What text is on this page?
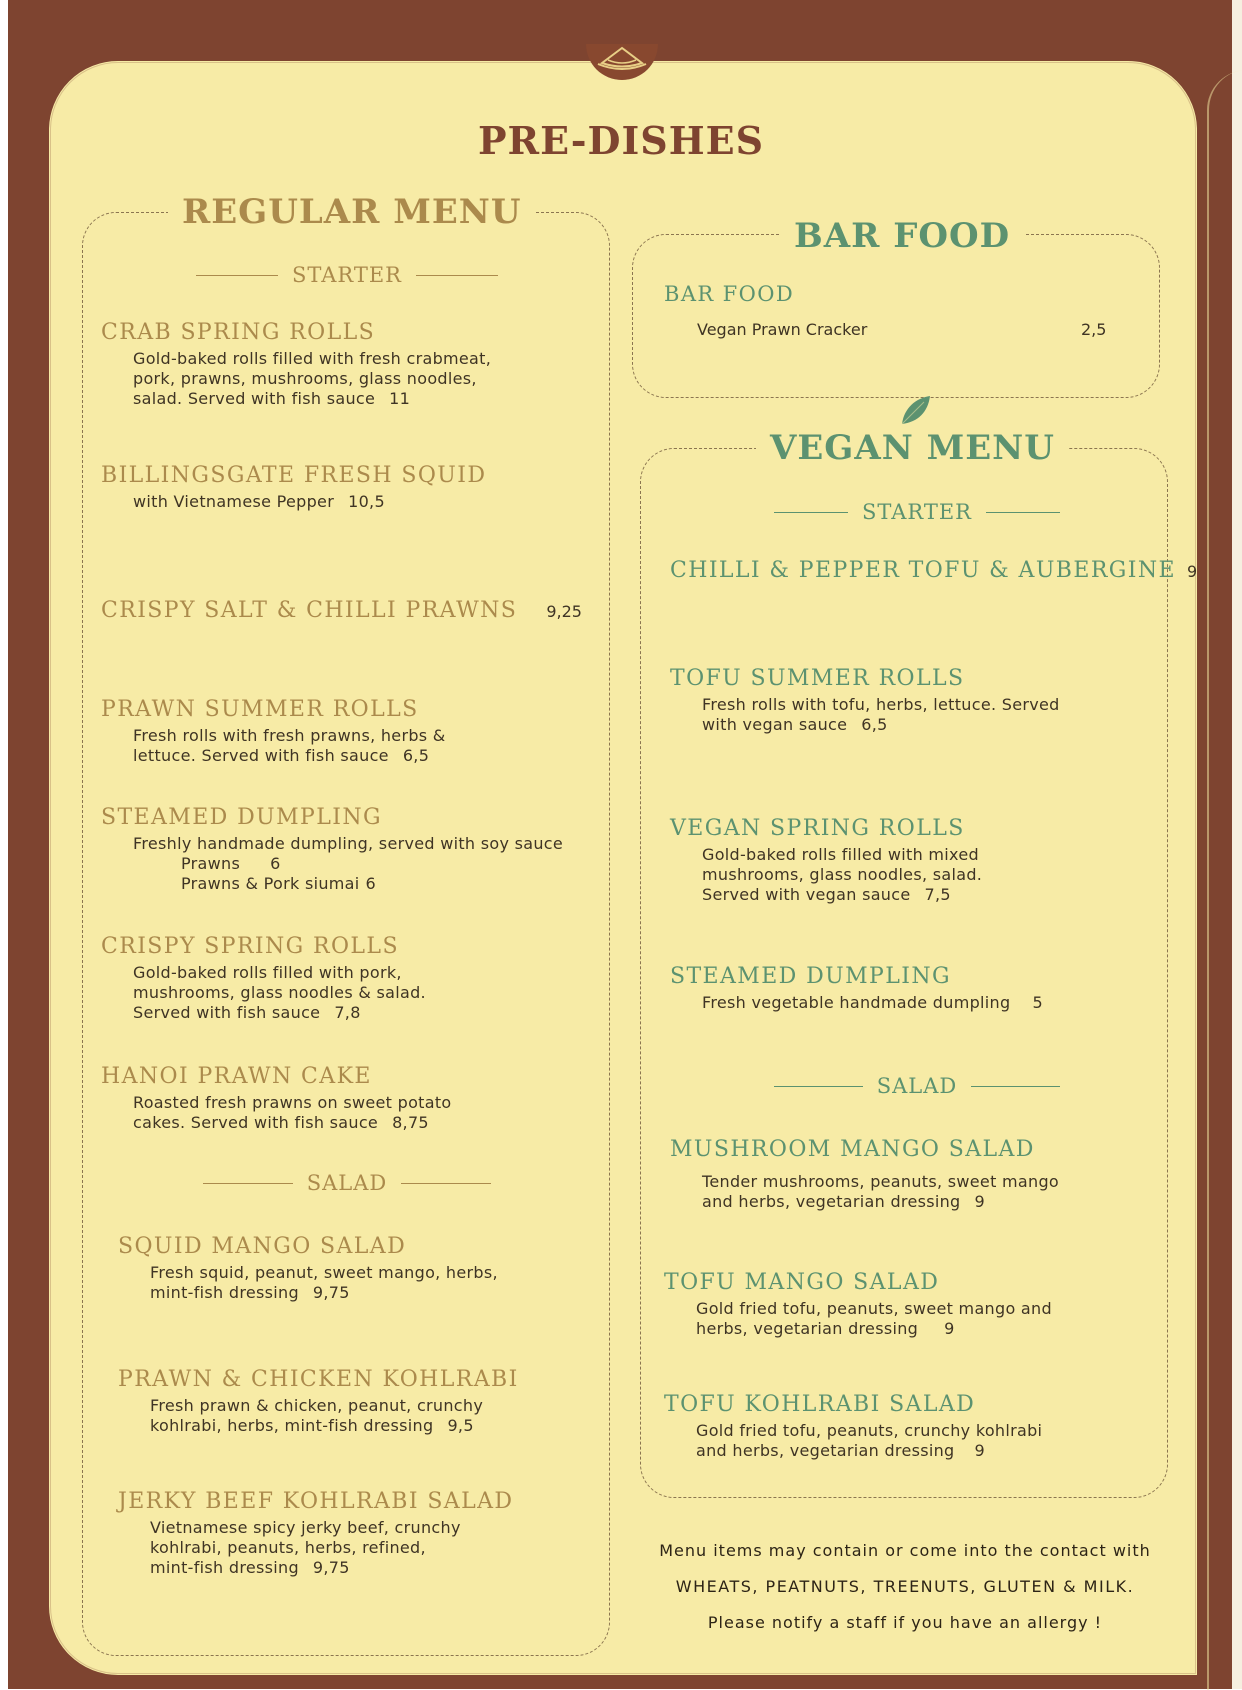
PRE-DISHES
REGULAR MENU
STARTER
CRAB SPRING ROLLS
Gold-baked rolls filled with fresh crabmeat,
pork, prawns, mushrooms, glass noodles,
salad. Served with fish sauce 11
BILLINGSGATE FRESH SQUID
with Vietnamese Pepper 10,5
CRISPY SALT & CHILLI PRAWNS 9,25
PRAWN SUMMER ROLLS
Fresh rolls with fresh prawns, herbs &
lettuce. Served with fish sauce 6,5
STEAMED DUMPLING
Freshly handmade dumpling, served with soy sauce
Prawns 6
Prawns & Pork siumai 6
CRISPY SPRING ROLLS
Gold-baked rolls filled with pork,
mushrooms, glass noodles & salad.
Served with fish sauce 7,8
HANOI PRAWN CAKE
Roasted fresh prawns on sweet potato
cakes. Served with fish sauce 8,75
SALAD
SQUID MANGO SALAD
Fresh squid, peanut, sweet mango, herbs,
mint-fish dressing 9,75
PRAWN & CHICKEN KOHLRABI
Fresh prawn & chicken, peanut, crunchy
kohlrabi, herbs, mint-fish dressing 9,5
JERKY BEEF KOHLRABI SALAD
Vietnamese spicy jerky beef, crunchy
kohlrabi, peanuts, herbs, refined,
mint-fish dressing 9,75
BAR FOOD
BAR FOOD
Vegan Prawn Cracker	2,5
VEGAN MENU
STARTER
CHILLI & PEPPER TOFU & AUBERGINE 9
TOFU SUMMER ROLLS
Fresh rolls with tofu, herbs, lettuce. Served
with vegan sauce 6,5
VEGAN SPRING ROLLS
Gold-baked rolls filled with mixed
mushrooms, glass noodles, salad.
Served with vegan sauce 7,5
STEAMED DUMPLING
Fresh vegetable handmade dumpling 5
SALAD
MUSHROOM MANGO SALAD
Tender mushrooms, peanuts, sweet mango
and herbs, vegetarian dressing 9
TOFU MANGO SALAD
Gold fried tofu, peanuts, sweet mango and
herbs, vegetarian dressing 9
TOFU KOHLRABI SALAD
Gold fried tofu, peanuts, crunchy kohlrabi
and herbs, vegetarian dressing 9
Menu items may contain or come into the contact with
WHEATS, PEATNUTS, TREENUTS, GLUTEN & MILK.
Please notify a staff if you have an allergy !
